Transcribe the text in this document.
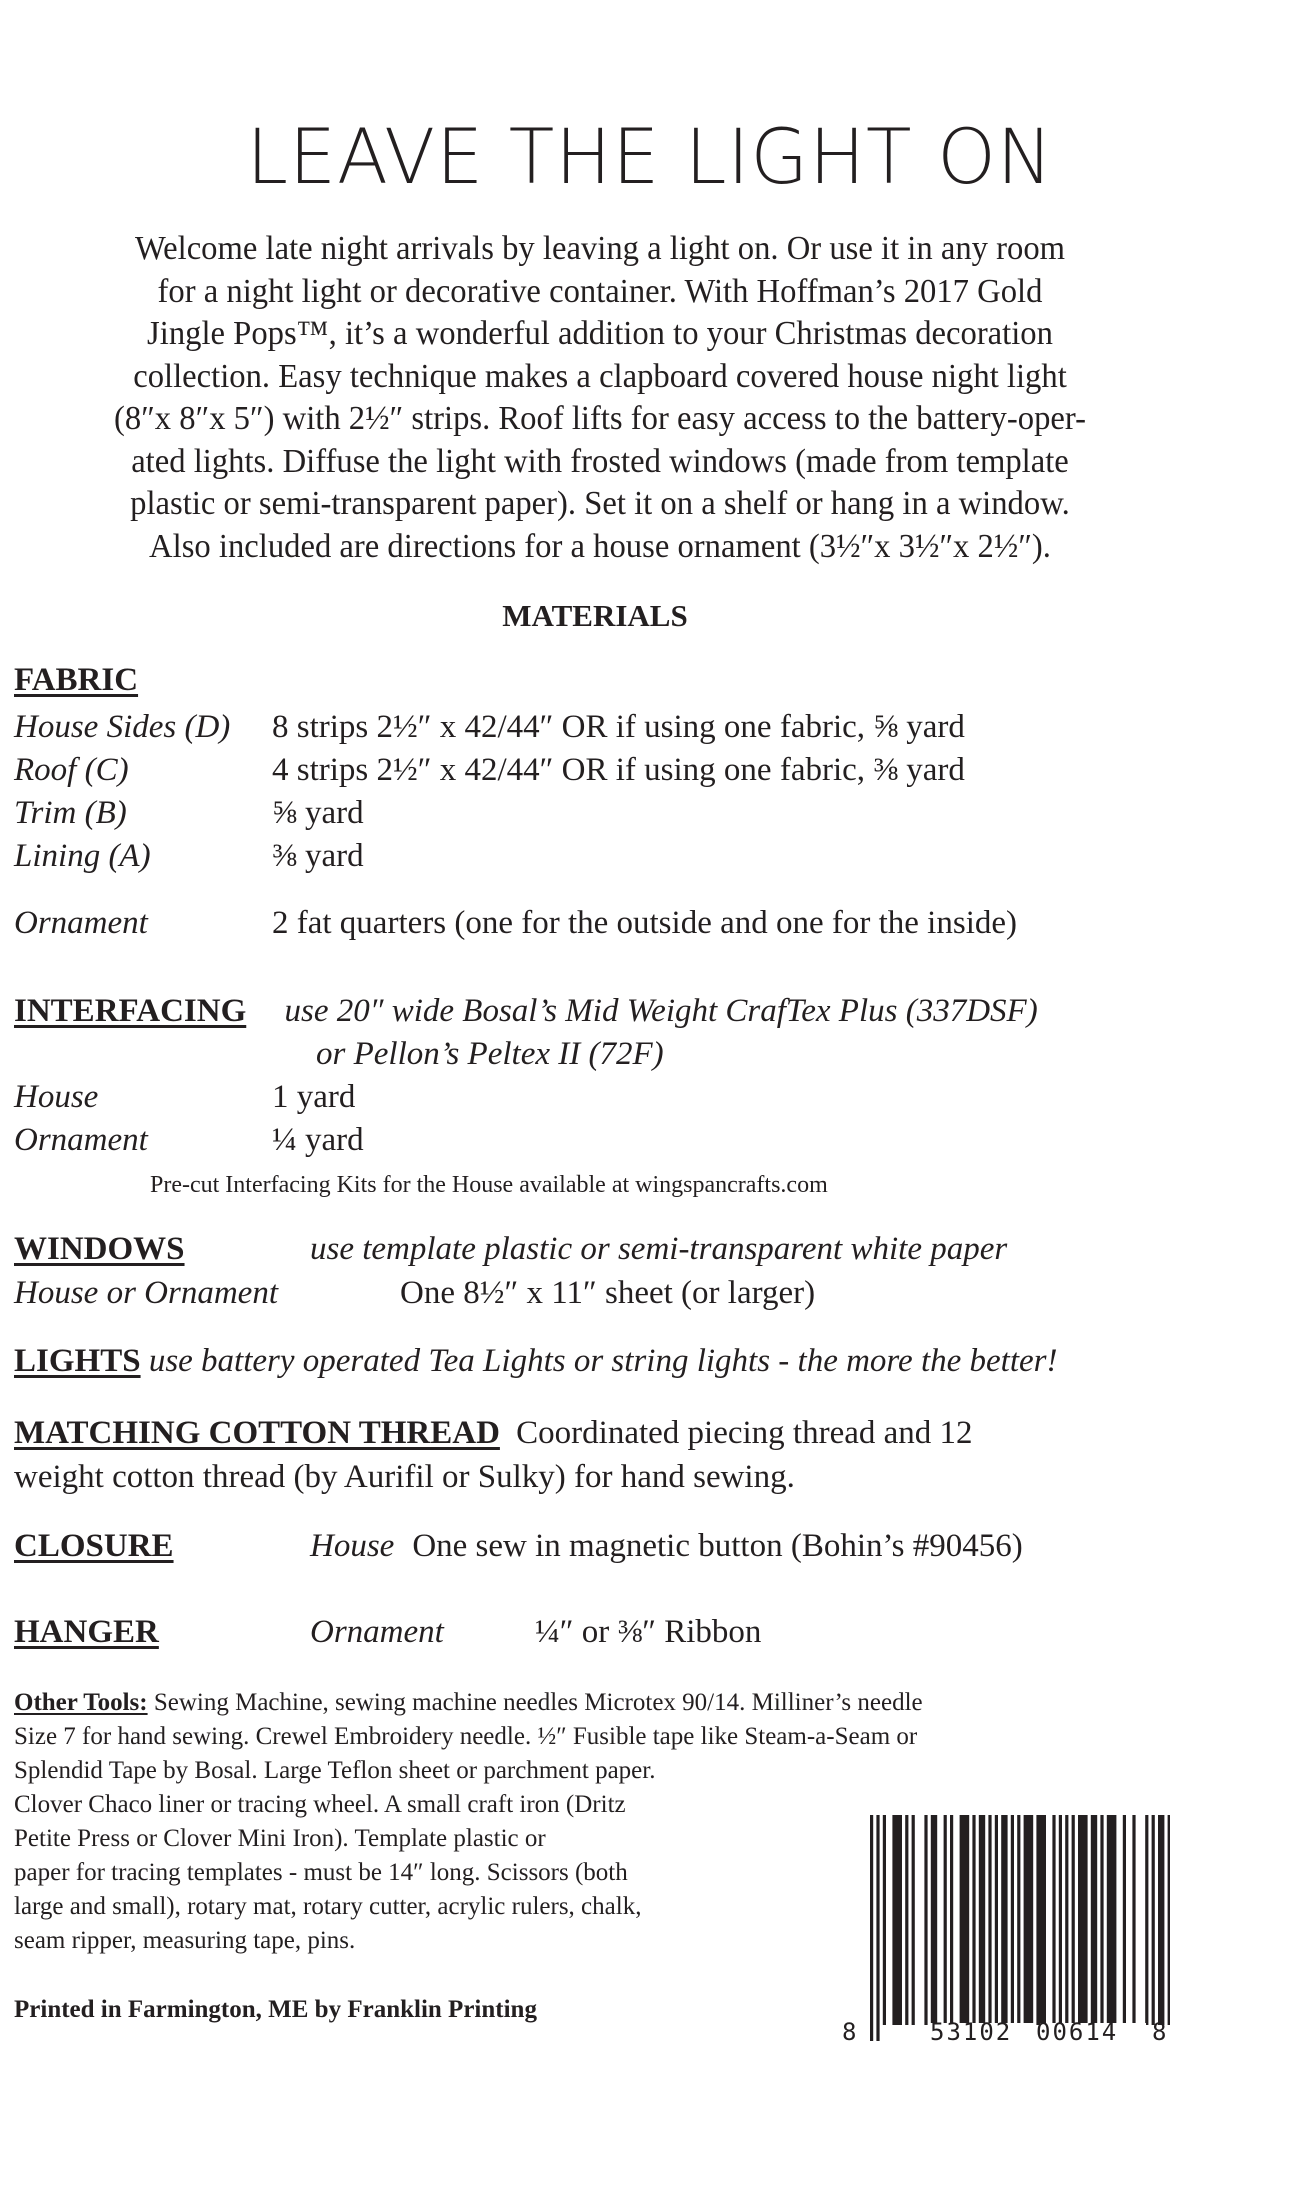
LEAVE THE LIGHT ON
Welcome late night arrivals by leaving a light on. Or use it in any room
for a night light or decorative container. With Hoffman’s 2017 Gold
Jingle Pops™, it’s a wonderful addition to your Christmas decoration
collection. Easy technique makes a clapboard covered house night light
(8″x 8″x 5″) with 2½″ strips. Roof lifts for easy access to the battery-oper-
ated lights. Diffuse the light with frosted windows (made from template
plastic or semi-transparent paper). Set it on a shelf or hang in a window.
Also included are directions for a house ornament (3½″x 3½″x 2½″).
MATERIALS
FABRIC
House Sides (D) 8 strips 2½″ x 42/44″ OR if using one fabric, ⅝ yard
Roof (C)	4 strips 2½″ x 42/44″ OR if using one fabric, ⅜ yard
Trim (B)	⅝ yard
Lining (A)	⅜ yard
Ornament	2 fat quarters (one for the outside and one for the inside)
INTERFACING use 20″ wide Bosal’s Mid Weight CrafTex Plus (337DSF)
or Pellon’s Peltex II (72F)
House	1 yard
Ornament	¼ yard
Pre-cut Interfacing Kits for the House available at wingspancrafts.com
WINDOWS	use template plastic or semi-transparent white paper
House or Ornament	One 8½″ x 11″ sheet (or larger)
LIGHTS use battery operated Tea Lights or string lights - the more the better!
MATCHING COTTON THREAD Coordinated piecing thread and 12
weight cotton thread (by Aurifil or Sulky) for hand sewing.
CLOSURE	House One sew in magnetic button (Bohin’s #90456)
HANGER	Ornament	¼″ or ⅜″ Ribbon
Other Tools: Sewing Machine, sewing machine needles Microtex 90/14. Milliner’s needle
Size 7 for hand sewing. Crewel Embroidery needle. ½″ Fusible tape like Steam-a-Seam or
Splendid Tape by Bosal. Large Teflon sheet or parchment paper.
Clover Chaco liner or tracing wheel. A small craft iron (Dritz
Petite Press or Clover Mini Iron). Template plastic or
paper for tracing templates - must be 14″ long. Scissors (both
large and small), rotary mat, rotary cutter, acrylic rulers, chalk,
seam ripper, measuring tape, pins.
Printed in Farmington, ME by Franklin Printing
8	53102 00614 8
